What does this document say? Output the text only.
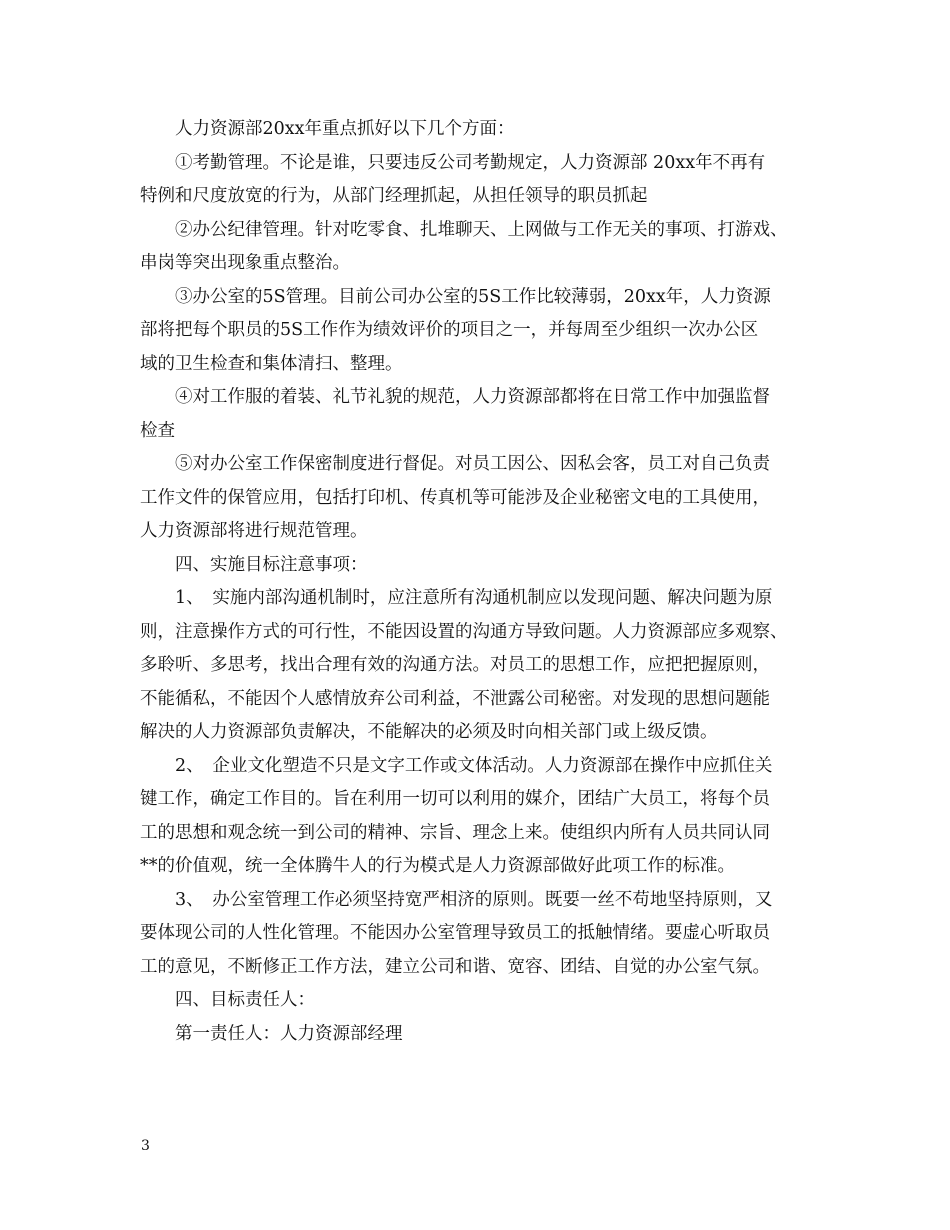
人力资源部20xx年重点抓好以下几个方面：
①考勤管理。不论是谁，只要违反公司考勤规定，人力资源部 20xx年不再有
特例和尺度放宽的行为，从部门经理抓起，从担任领导的职员抓起
②办公纪律管理。针对吃零食、扎堆聊天、上网做与工作无关的事项、打游戏、
串岗等突出现象重点整治。
③办公室的5S管理。目前公司办公室的5S工作比较薄弱，20xx年，人力资源
部将把每个职员的5S工作作为绩效评价的项目之一，并每周至少组织一次办公区
域的卫生检查和集体清扫、整理。
④对工作服的着装、礼节礼貌的规范，人力资源部都将在日常工作中加强监督
检查
⑤对办公室工作保密制度进行督促。对员工因公、因私会客，员工对自己负责
工作文件的保管应用，包括打印机、传真机等可能涉及企业秘密文电的工具使用，
人力资源部将进行规范管理。
四、实施目标注意事项：
1、　实施内部沟通机制时，应注意所有沟通机制应以发现问题、解决问题为原
则，注意操作方式的可行性，不能因设置的沟通方导致问题。人力资源部应多观察、
多聆听、多思考，找出合理有效的沟通方法。对员工的思想工作，应把把握原则，
不能循私，不能因个人感情放弃公司利益，不泄露公司秘密。对发现的思想问题能
解决的人力资源部负责解决，不能解决的必须及时向相关部门或上级反馈。
2、　企业文化塑造不只是文字工作或文体活动。人力资源部在操作中应抓住关
键工作，确定工作目的。旨在利用一切可以利用的媒介，团结广大员工，将每个员
工的思想和观念统一到公司的精神、宗旨、理念上来。使组织内所有人员共同认同
**的价值观，统一全体腾牛人的行为模式是人力资源部做好此项工作的标准。
3、　办公室管理工作必须坚持宽严相济的原则。既要一丝不苟地坚持原则，又
要体现公司的人性化管理。不能因办公室管理导致员工的抵触情绪。要虚心听取员
工的意见，不断修正工作方法，建立公司和谐、宽容、团结、自觉的办公室气氛。
四、目标责任人：
第一责任人：人力资源部经理
3
